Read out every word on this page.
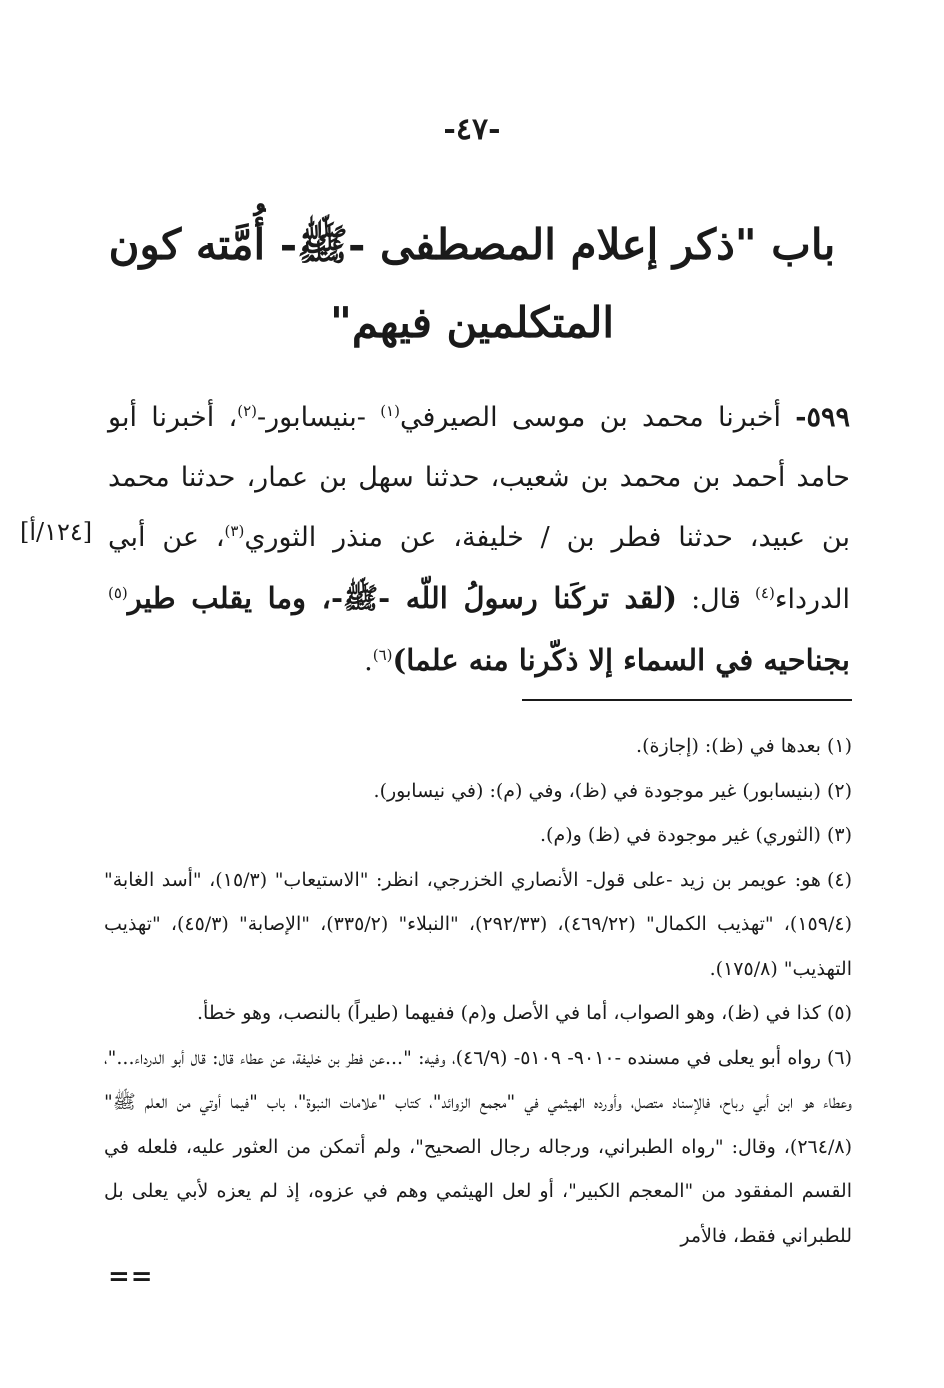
-٤٧-
باب "ذكر إعلام المصطفى -ﷺ- أُمَّته كون المتكلمين فيهم"
[١٢٤/أ]
٥٩٩- أخبرنا محمد بن موسى الصيرفي$^{(١)}$ -بنيسابور-$^{(٢)}$، أخبرنا أبو حامد أحمد بن محمد بن شعيب، حدثنا سهل بن عمار، حدثنا محمد بن عبيد، حدثنا فطر بن / خليفة، عن منذر الثوري$^{(٣)}$، عن أبي الدرداء$^{(٤)}$ قال: (لقد تركَنا رسولُ اللّه -ﷺ-، وما يقلب طير$^{(٥)}$ بجناحيه في السماء إلا ذكّرنا منه علما)$^{(٦)}$.

(١)بعدها في (ظ): (إجازة).

(٢)(بنيسابور) غير موجودة في (ظ)، وفي (م): (في نيسابور).

(٣)(الثوري) غير موجودة في (ظ) و(م).

(٤)هو: عويمر بن زيد -على قول- الأنصاري الخزرجي، انظر: "الاستيعاب" (١٥/٣)، "أسد الغابة" (١٥٩/٤)، "تهذيب الكمال" (٤٦٩/٢٢)، (٢٩٢/٣٣)، "النبلاء" (٣٣٥/٢)، "الإصابة" (٤٥/٣)، "تهذيب التهذيب" (١٧٥/٨).

(٥)كذا في (ظ)، وهو الصواب، أما في الأصل و(م) ففيهما (طيراً) بالنصب، وهو خطأ.

(٦)رواه أبو يعلى في مسنده -٩٠١٠- ٥١٠٩- (٤٦/٩)، وفيه: "...عن فطر بن خليفة، عن عطاء قال: قال أبو الدرداء..."، وعطاء هو ابن أبي رباح، فالإسناد متصل، وأورده الهيثمي في "مجمع الزوائد"، كتاب "علامات النبوة"، باب "فيما أوتي من العلم ﷺ" (٢٦٤/٨)، وقال: "رواه الطبراني، ورجاله رجال الصحيح"، ولم أتمكن من العثور عليه، فلعله في القسم المفقود من "المعجم الكبير"، أو لعل الهيثمي وهم في عزوه، إذ لم يعزه لأبي يعلى بل للطبراني فقط، فالأمر

==
